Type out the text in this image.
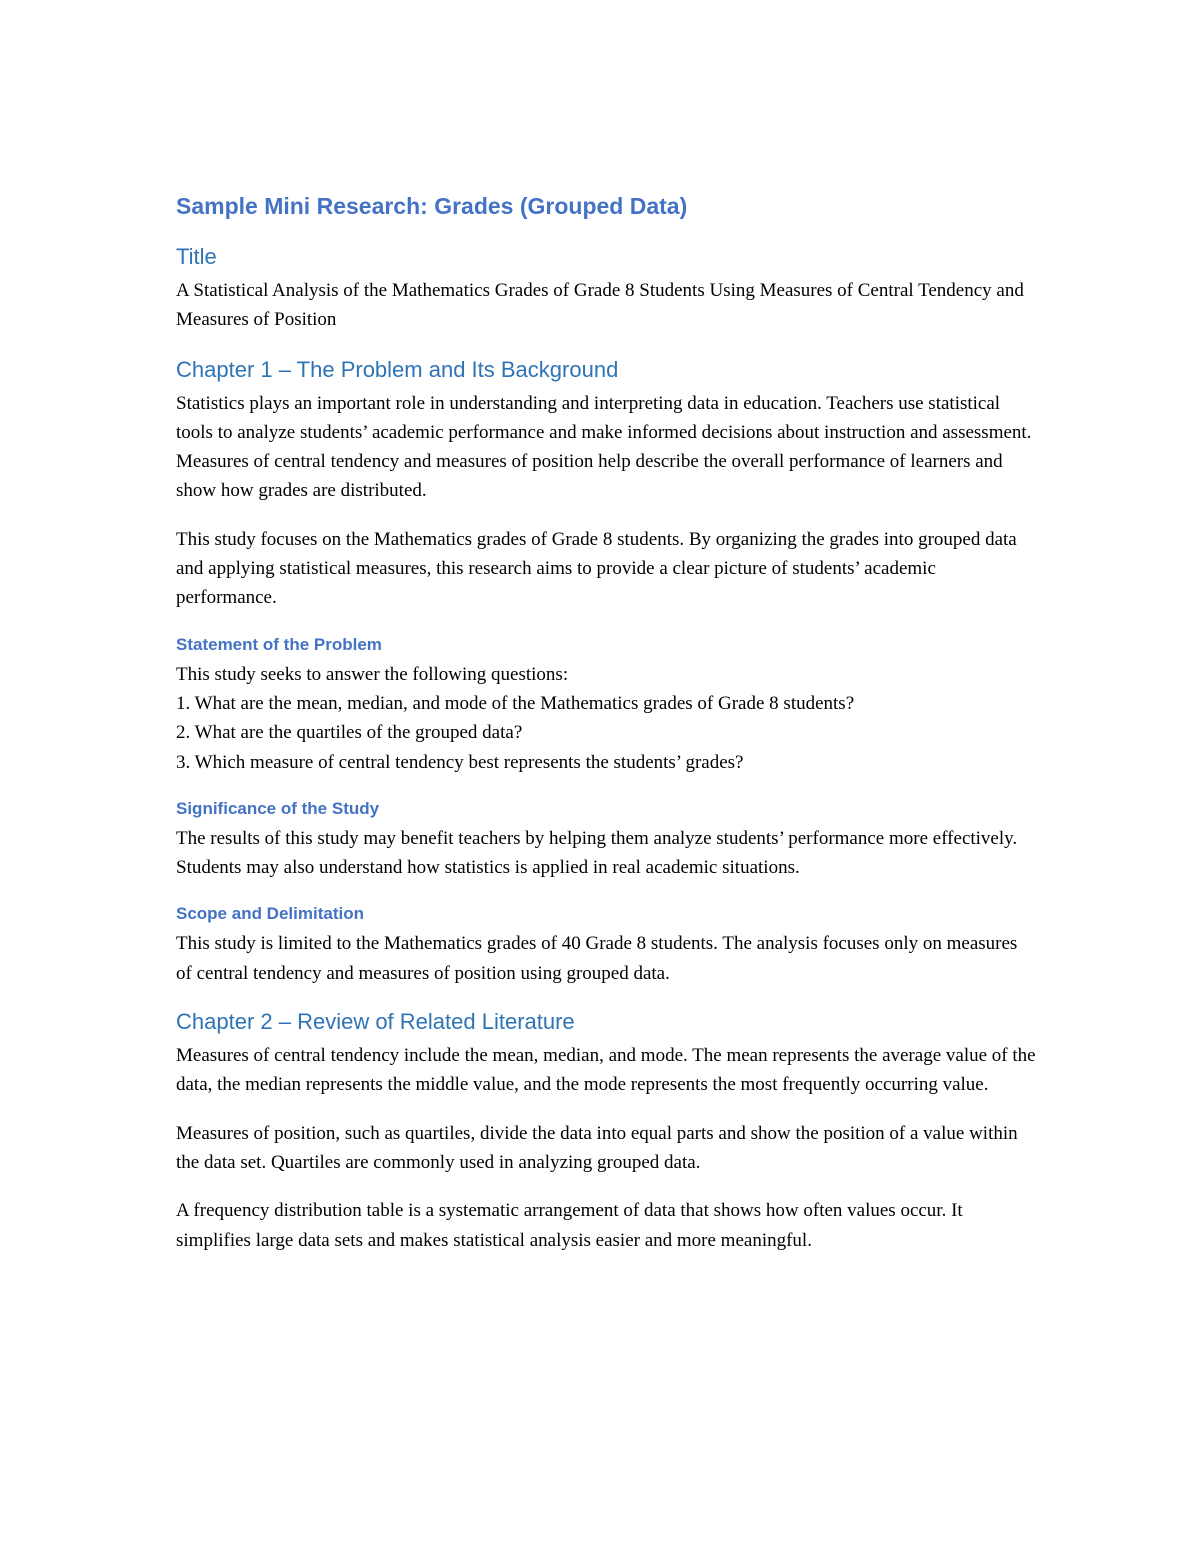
Sample Mini Research: Grades (Grouped Data)
Title
A Statistical Analysis of the Mathematics Grades of Grade 8 Students Using Measures of Central Tendency and Measures of Position
Chapter 1 – The Problem and Its Background
Statistics plays an important role in understanding and interpreting data in education. Teachers use statistical tools to analyze students’ academic performance and make informed decisions about instruction and assessment. Measures of central tendency and measures of position help describe the overall performance of learners and show how grades are distributed.
This study focuses on the Mathematics grades of Grade 8 students. By organizing the grades into grouped data and applying statistical measures, this research aims to provide a clear picture of students’ academic performance.
Statement of the Problem
This study seeks to answer the following questions:
1. What are the mean, median, and mode of the Mathematics grades of Grade 8 students?
2. What are the quartiles of the grouped data?
3. Which measure of central tendency best represents the students’ grades?
Significance of the Study
The results of this study may benefit teachers by helping them analyze students’ performance more effectively. Students may also understand how statistics is applied in real academic situations.
Scope and Delimitation
This study is limited to the Mathematics grades of 40 Grade 8 students. The analysis focuses only on measures of central tendency and measures of position using grouped data.
Chapter 2 – Review of Related Literature
Measures of central tendency include the mean, median, and mode. The mean represents the average value of the data, the median represents the middle value, and the mode represents the most frequently occurring value.
Measures of position, such as quartiles, divide the data into equal parts and show the position of a value within the data set. Quartiles are commonly used in analyzing grouped data.
A frequency distribution table is a systematic arrangement of data that shows how often values occur. It simplifies large data sets and makes statistical analysis easier and more meaningful.
